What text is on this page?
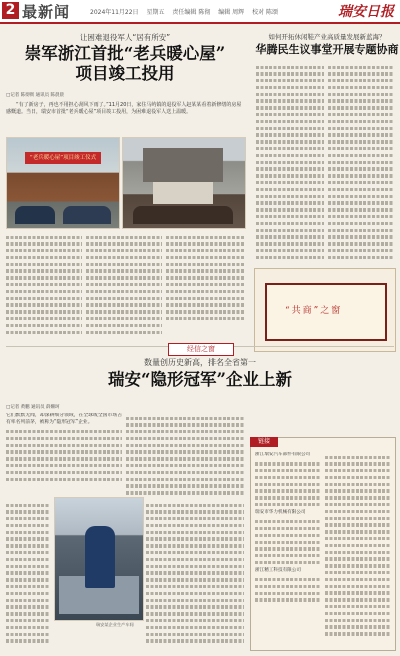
2 最新闻	2024年11月22日 星期五 责任编辑 陈彻 编辑 周辉 校对 陈颂	瑞安日报
让困难退役军人“居有所安”
崇军浙江首批“老兵暖心屋”
项目竣工投用
□记者 陈彻彻 通讯员 陈晨晨
“有了新房子，再也不用担心刮风下雨了。”11月20日，家住马屿镇的退役军人赵某某看着新修缮的房屋感慨道。当日，瑞安市首批“老兵暖心屋”项目竣工投用，为困难退役军人送上温暖。
“老兵暖心屋”项目竣工仪式
如何开拓休闲鞋产业高质量发展新蓝海？
华腾民生议事堂开展专题协商
“共商”之窗
经信之窗
数量创历史新高，排名全省第一
瑞安“隐形冠军”企业上新
□记者 黄鹏 通讯员 薛姗珂
它们默默无闻，却深耕细分领域，在全球或全国市场占有率名列前茅，被称为“隐形冠军”企业。
瑞安某企业生产车间
链接
浙江瑞安汽车部件有限公司
瑞安市华力机械有限公司
浙江精工科技有限公司
